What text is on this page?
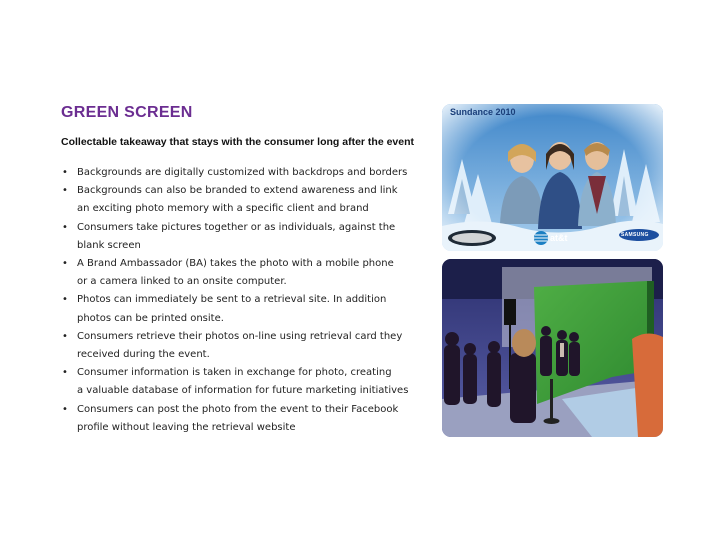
GREEN SCREEN
Collectable takeaway that stays with the consumer long after the event
• Backgrounds are digitally customized with backdrops and borders
• Backgrounds can also be branded to extend awareness and link
an exciting photo memory with a specific client and brand
• Consumers take pictures together or as individuals, against the
blank screen
• A Brand Ambassador (BA) takes the photo with a mobile phone
or a camera linked to an onsite computer.
• Photos can immediately be sent to a retrieval site. In addition
photos can be printed onsite.
• Consumers retrieve their photos on-line using retrieval card they
received during the event.
• Consumer information is taken in exchange for photo, creating
a valuable database of information for future marketing initiatives
• Consumers can post the photo from the event to their Facebook
profile without leaving the retrieval website
Sundance 2010
at&t	SAMSUNG
